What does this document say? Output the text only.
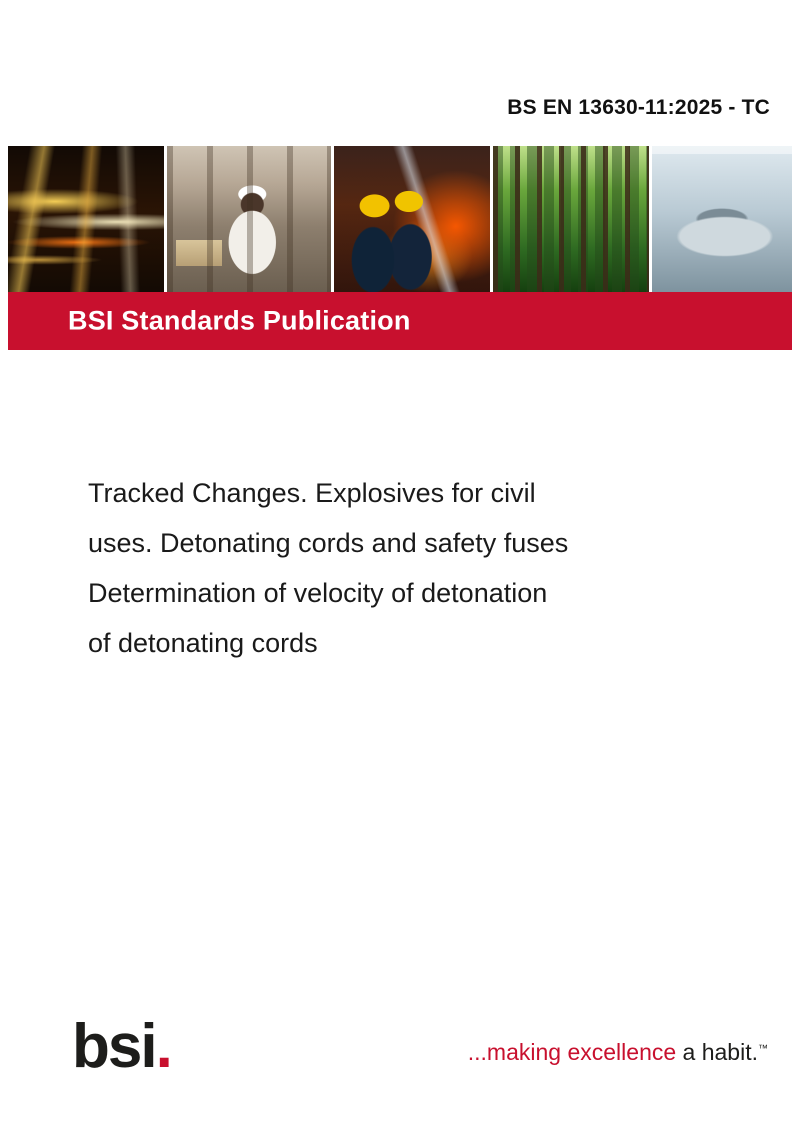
BS EN 13630-11:2025 - TC
BSI Standards Publication
Tracked Changes. Explosives for civil
uses. Detonating cords and safety fuses
Determination of velocity of detonation
of detonating cords
bsi.	...making excellence a habit.™
